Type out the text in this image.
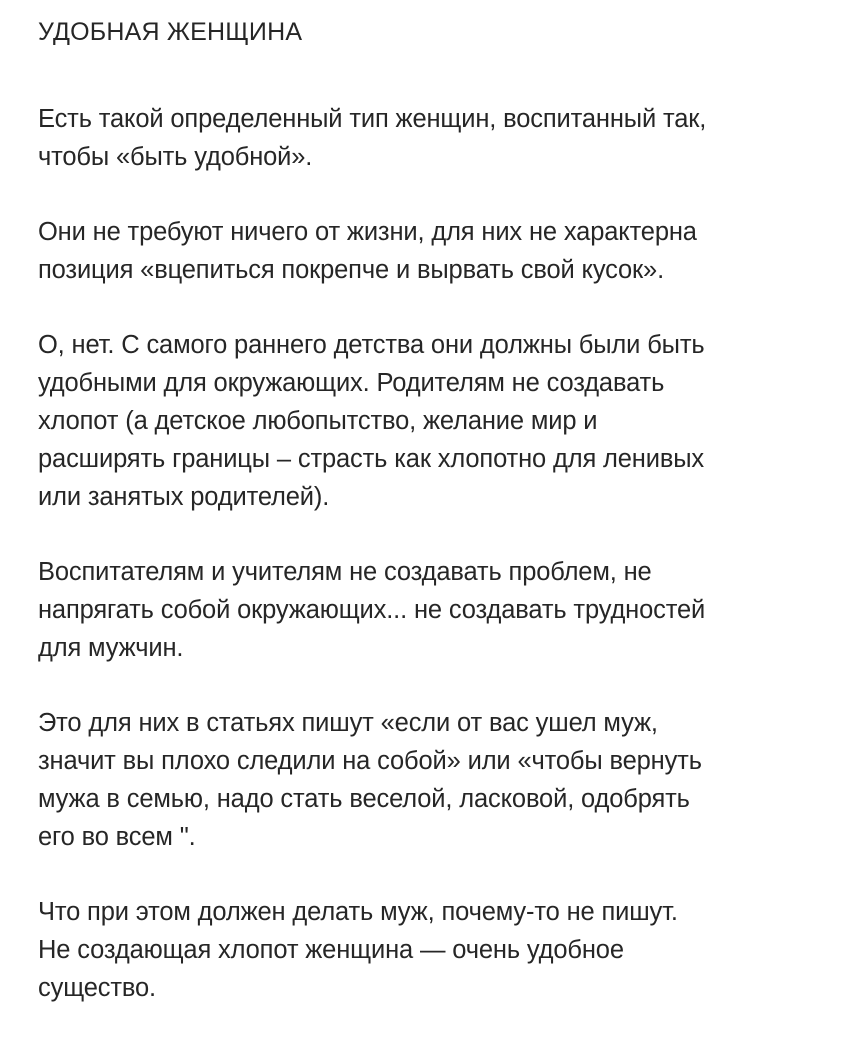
УДОБНАЯ ЖЕНЩИНА
Есть такой определенный тип женщин, воспитанный так,
чтобы «быть удобной».
Они не требуют ничего от жизни, для них не характерна
позиция «вцепиться покрепче и вырвать свой кусок».
О, нет. С самого раннего детства они должны были быть
удобными для окружающих. Родителям не создавать
хлопот (а детское любопытство, желание мир и
расширять границы – страсть как хлопотно для ленивых
или занятых родителей).
Воспитателям и учителям не создавать проблем, не
напрягать собой окружающих... не создавать трудностей
для мужчин.
Это для них в статьях пишут «если от вас ушел муж,
значит вы плохо следили на собой» или «чтобы вернуть
мужа в семью, надо стать веселой, ласковой, одобрять
его во всем ".
Что при этом должен делать муж, почему-то не пишут.
Не создающая хлопот женщина — очень удобное
существо.
